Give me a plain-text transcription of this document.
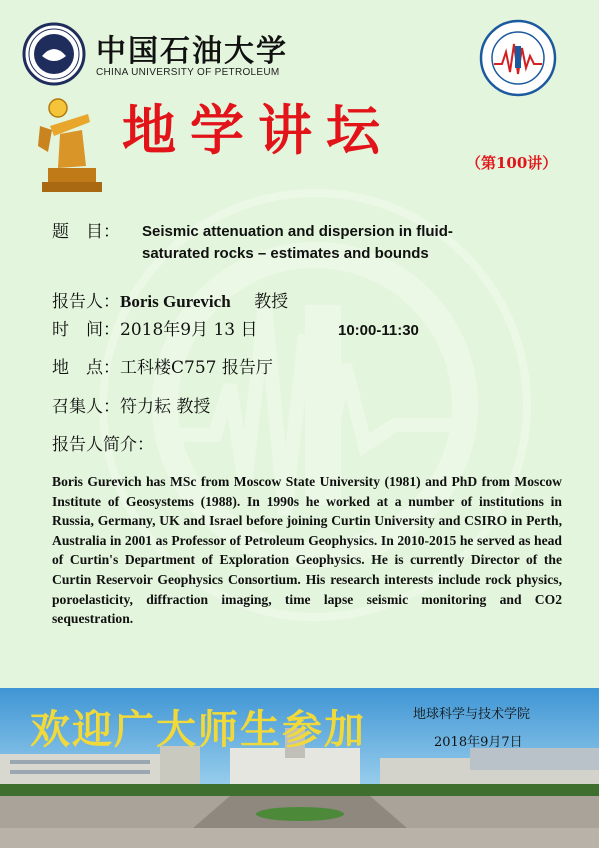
中国石油大学
CHINA UNIVERSITY OF PETROLEUM
地学讲坛
（第100讲）
题　目： Seismic attenuation and dispersion in fluid-
saturated rocks – estimates and bounds
报告人：Boris Gurevich 教授
时　间：2018年9月 13 日	10:00-11:30
地　点：工科楼C757 报告厅
召集人：符力耘 教授
报告人简介：
Boris Gurevich has MSc from Moscow State University (1981) and PhD from Moscow Institute of Geosystems (1988). In 1990s he worked at a number of institutions in Russia, Germany, UK and Israel before joining Curtin University and CSIRO in Perth, Australia in 2001 as Professor of Petroleum Geophysics. In 2010-2015 he served as head of Curtin's Department of Exploration Geophysics. He is currently Director of the Curtin Reservoir Geophysics Consortium. His research interests include rock physics, poroelasticity, diffraction imaging, time lapse seismic monitoring and CO2 sequestration.
欢迎广大师生参加	地球科学与技术学院
2018年9月7日
